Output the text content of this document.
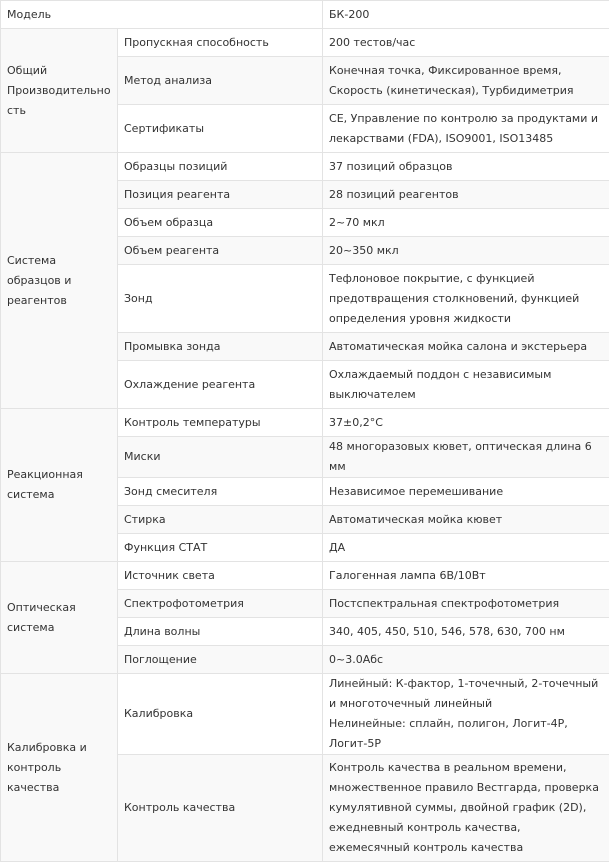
Модель		БК-200
Общий Производительность	Пропускная способность	200 тестов/час
	Метод анализа	Конечная точка, Фиксированное время, Скорость (кинетическая), Турбидиметрия
	Сертификаты	CE, Управление по контролю за продуктами и лекарствами (FDA), ISO9001, ISO13485
Система образцов и реагентов	Образцы позиций	37 позиций образцов
	Позиция реагента	28 позиций реагентов
	Объем образца	2~70 мкл
	Объем реагента	20~350 мкл
	Зонд	Тефлоновое покрытие, с функцией предотвращения столкновений, функцией определения уровня жидкости
	Промывка зонда	Автоматическая мойка салона и экстерьера
	Охлаждение реагента	Охлаждаемый поддон с независимым выключателем
Реакционная система	Контроль температуры	37±0,2°C
	Миски	48 многоразовых кювет, оптическая длина 6 мм
	Зонд смесителя	Независимое перемешивание
	Стирка	Автоматическая мойка кювет
	Функция СТАТ	ДА
Оптическая система	Источник света	Галогенная лампа 6В/10Вт
	Спектрофотометрия	Постспектральная спектрофотометрия
	Длина волны	340, 405, 450, 510, 546, 578, 630, 700 нм
	Поглощение	0~3.0Абс
Калибровка и контроль качества	Калибровка	Линейный: К-фактор, 1-точечный, 2-точечный и многоточечный линейный
Нелинейные: сплайн, полигон, Логит-4P, Логит-5P

	Контроль качества	Контроль качества в реальном времени, множественное правило Вестгарда, проверка кумулятивной суммы, двойной график (2D), ежедневный контроль качества, ежемесячный контроль качества
